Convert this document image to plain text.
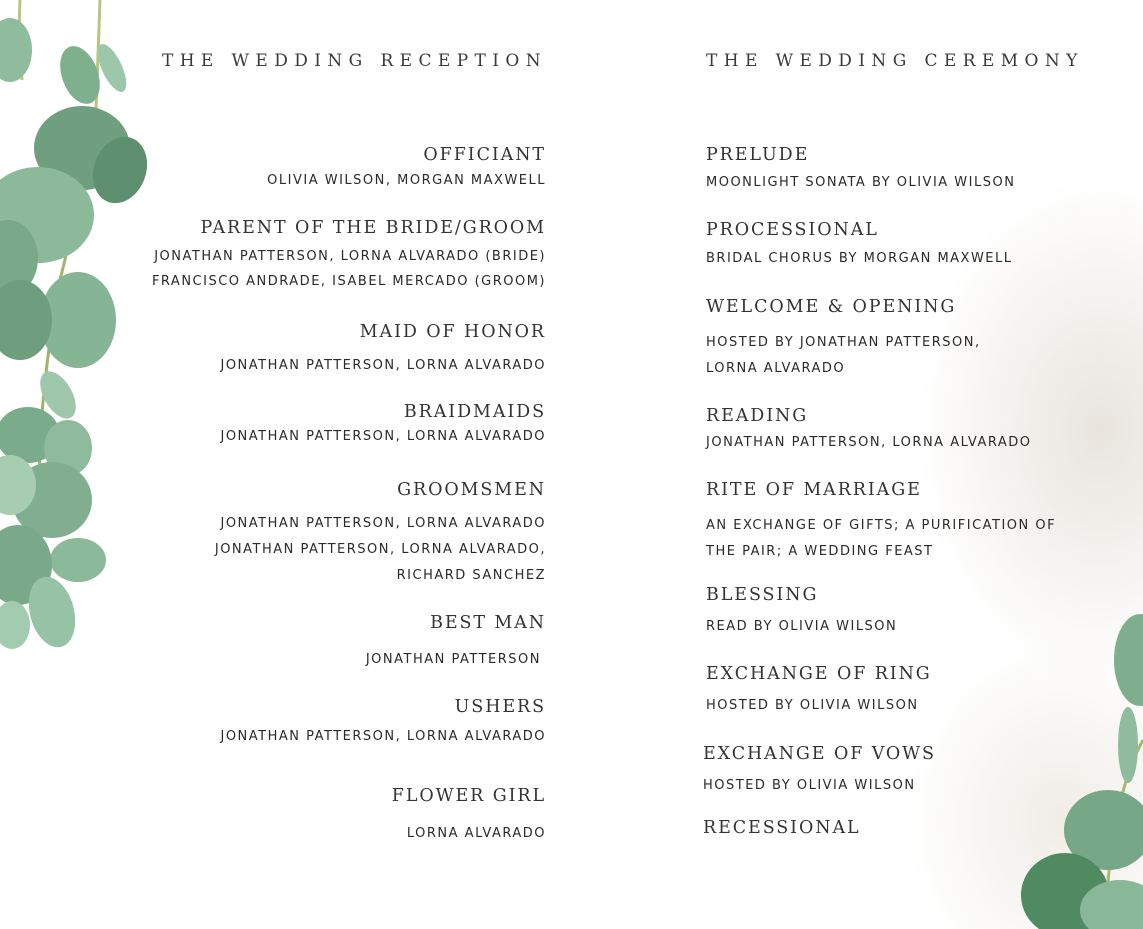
THE WEDDING RECEPTION	THE WEDDING CEREMONY
OFFICIANT
OLIVIA WILSON, MORGAN MAXWELL
PARENT OF THE BRIDE/GROOM
JONATHAN PATTERSON, LORNA ALVARADO (BRIDE)
FRANCISCO ANDRADE, ISABEL MERCADO (GROOM)
MAID OF HONOR
JONATHAN PATTERSON, LORNA ALVARADO
BRAIDMAIDS
JONATHAN PATTERSON, LORNA ALVARADO
GROOMSMEN
JONATHAN PATTERSON, LORNA ALVARADO
JONATHAN PATTERSON, LORNA ALVARADO,
RICHARD SANCHEZ
BEST MAN
JONATHAN PATTERSON
USHERS
JONATHAN PATTERSON, LORNA ALVARADO
FLOWER GIRL
LORNA ALVARADO
PRELUDE
MOONLIGHT SONATA BY OLIVIA WILSON
PROCESSIONAL
BRIDAL CHORUS BY MORGAN MAXWELL
WELCOME & OPENING
HOSTED BY JONATHAN PATTERSON,
LORNA ALVARADO
READING
JONATHAN PATTERSON, LORNA ALVARADO
RITE OF MARRIAGE
AN EXCHANGE OF GIFTS; A PURIFICATION OF
THE PAIR; A WEDDING FEAST
BLESSING
READ BY OLIVIA WILSON
EXCHANGE OF RING
HOSTED BY OLIVIA WILSON
EXCHANGE OF VOWS
HOSTED BY OLIVIA WILSON
RECESSIONAL
